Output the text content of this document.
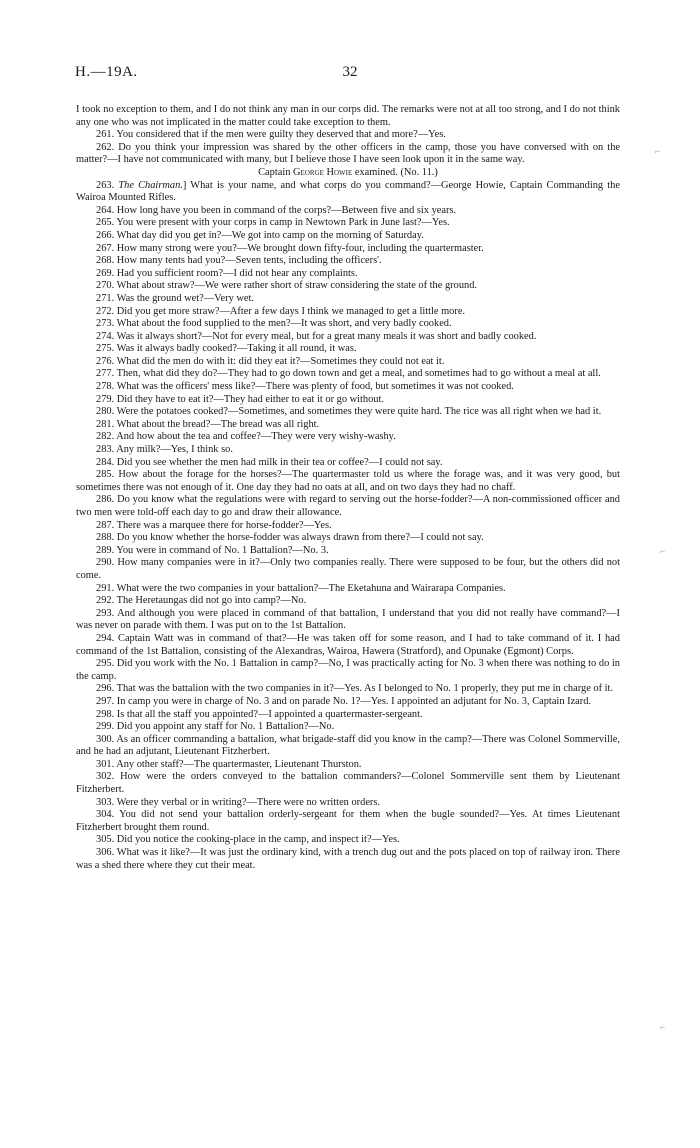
H.—19A.	32

I took no exception to them, and I do not think any man in our corps did. The remarks were not at all too strong, and I do not think any one who was not implicated in the matter could take exception to them.

261. You considered that if the men were guilty they deserved that and more?—Yes.

262. Do you think your impression was shared by the other officers in the camp, those you have conversed with on the matter?—I have not communicated with many, but I believe those I have seen look upon it in the same way.

Captain George Howie examined. (No. 11.)

263. The Chairman.] What is your name, and what corps do you command?—George Howie, Captain Commanding the Wairoa Mounted Rifles.

264. How long have you been in command of the corps?—Between five and six years.

265. You were present with your corps in camp in Newtown Park in June last?—Yes.

266. What day did you get in?—We got into camp on the morning of Saturday.

267. How many strong were you?—We brought down fifty-four, including the quartermaster.

268. How many tents had you?—Seven tents, including the officers'.

269. Had you sufficient room?—I did not hear any complaints.

270. What about straw?—We were rather short of straw considering the state of the ground.

271. Was the ground wet?—Very wet.

272. Did you get more straw?—After a few days I think we managed to get a little more.

273. What about the food supplied to the men?—It was short, and very badly cooked.

274. Was it always short?—Not for every meal, but for a great many meals it was short and badly cooked.

275. Was it always badly cooked?—Taking it all round, it was.

276. What did the men do with it: did they eat it?—Sometimes they could not eat it.

277. Then, what did they do?—They had to go down town and get a meal, and sometimes had to go without a meal at all.

278. What was the officers' mess like?—There was plenty of food, but sometimes it was not cooked.

279. Did they have to eat it?—They had either to eat it or go without.

280. Were the potatoes cooked?—Sometimes, and sometimes they were quite hard. The rice was all right when we had it.

281. What about the bread?—The bread was all right.

282. And how about the tea and coffee?—They were very wishy-washy.

283. Any milk?—Yes, I think so.

284. Did you see whether the men had milk in their tea or coffee?—I could not say.

285. How about the forage for the horses?—The quartermaster told us where the forage was, and it was very good, but sometimes there was not enough of it. One day they had no oats at all, and on two days they had no chaff.

286. Do you know what the regulations were with regard to serving out the horse-fodder?—A non-commissioned officer and two men were told-off each day to go and draw their allowance.

287. There was a marquee there for horse-fodder?—Yes.

288. Do you know whether the horse-fodder was always drawn from there?—I could not say.

289. You were in command of No. 1 Battalion?—No. 3.

290. How many companies were in it?—Only two companies really. There were supposed to be four, but the others did not come.

291. What were the two companies in your battalion?—The Eketahuna and Wairarapa Companies.

292. The Heretaungas did not go into camp?—No.

293. And although you were placed in command of that battalion, I understand that you did not really have command?—I was never on parade with them. I was put on to the 1st Battalion.

294. Captain Watt was in command of that?—He was taken off for some reason, and I had to take command of it. I had command of the 1st Battalion, consisting of the Alexandras, Wairoa, Hawera (Stratford), and Opunake (Egmont) Corps.

295. Did you work with the No. 1 Battalion in camp?—No, I was practically acting for No. 3 when there was nothing to do in the camp.

296. That was the battalion with the two companies in it?—Yes. As I belonged to No. 1 properly, they put me in charge of it.

297. In camp you were in charge of No. 3 and on parade No. 1?—Yes. I appointed an adjutant for No. 3, Captain Izard.

298. Is that all the staff you appointed?—I appointed a quartermaster-sergeant.

299. Did you appoint any staff for No. 1 Battalion?—No.

300. As an officer commanding a battalion, what brigade-staff did you know in the camp?—There was Colonel Sommerville, and he had an adjutant, Lieutenant Fitzherbert.

301. Any other staff?—The quartermaster, Lieutenant Thurston.

302. How were the orders conveyed to the battalion commanders?—Colonel Sommerville sent them by Lieutenant Fitzherbert.

303. Were they verbal or in writing?—There were no written orders.

304. You did not send your battalion orderly-sergeant for them when the bugle sounded?—Yes. At times Lieutenant Fitzherbert brought them round.

305. Did you notice the cooking-place in the camp, and inspect it?—Yes.

306. What was it like?—It was just the ordinary kind, with a trench dug out and the pots placed on top of railway iron. There was a shed there where they cut their meat.

⌐
⌐
⌐
